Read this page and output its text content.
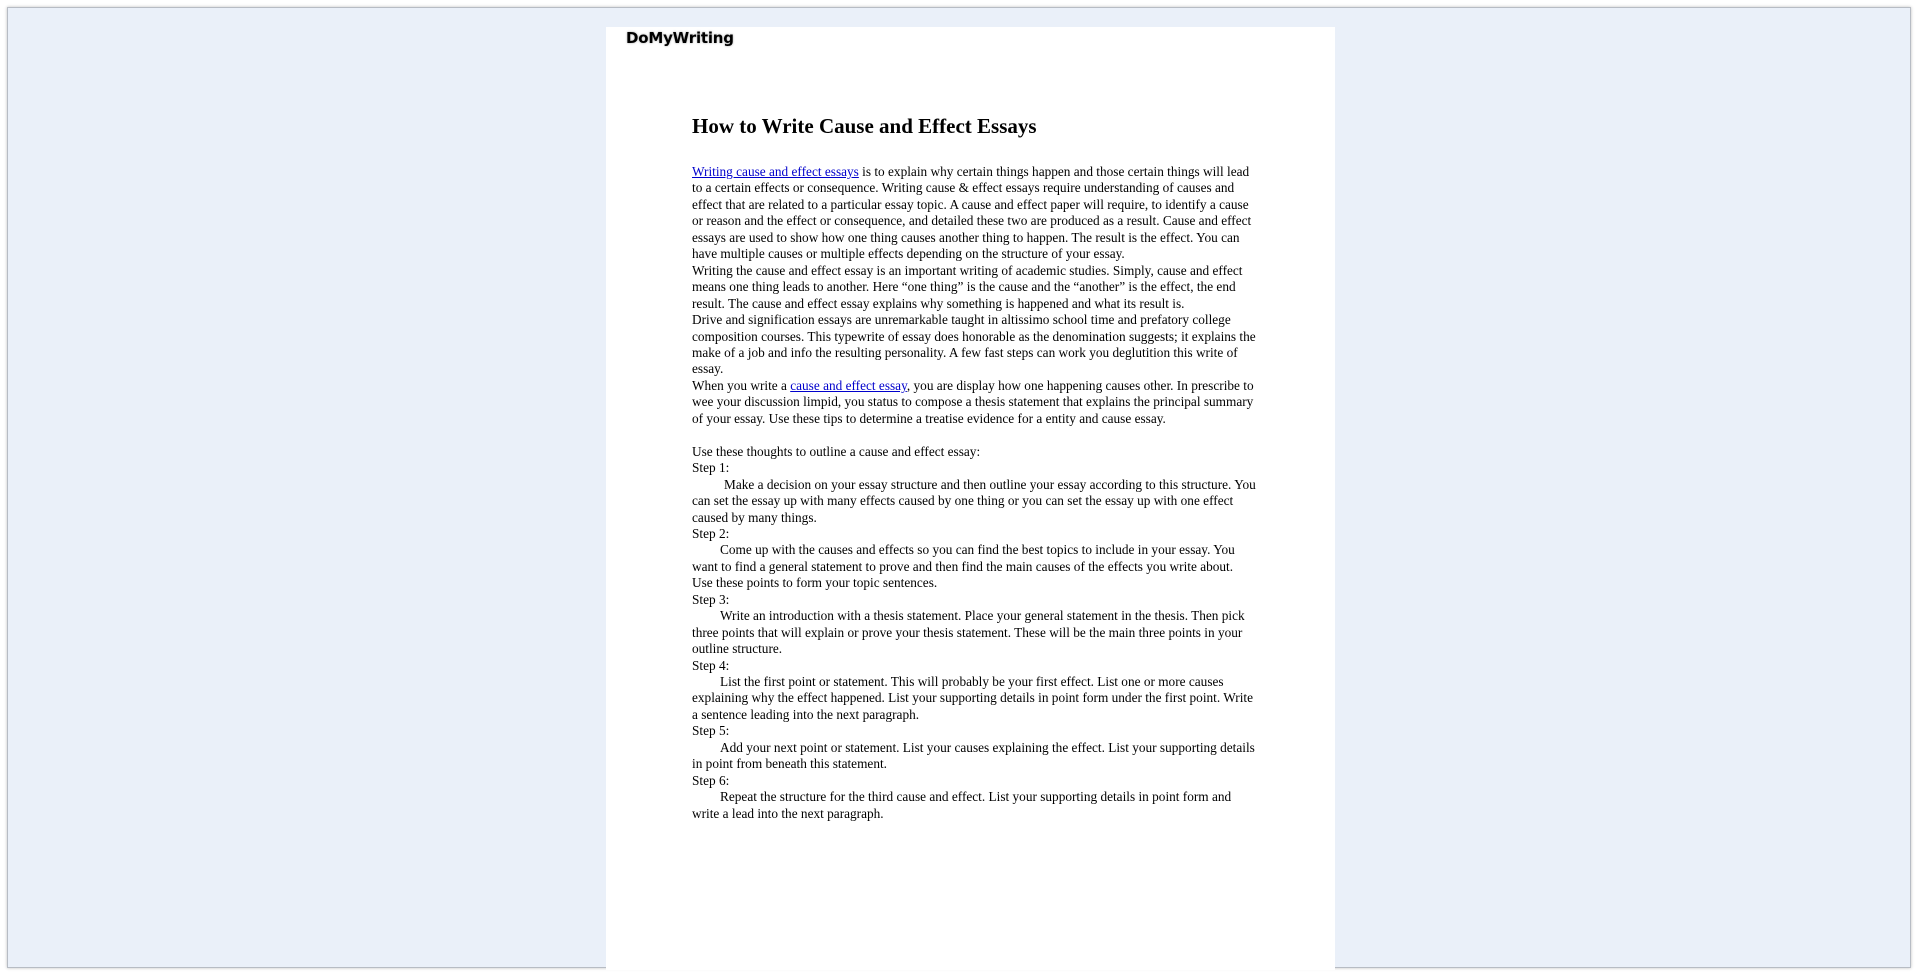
DoMyWriting
How to Write Cause and Effect Essays

Writing cause and effect essays is to explain why certain things happen and those certain things will lead to a certain effects or consequence. Writing cause & effect essays require understanding of causes and effect that are related to a particular essay topic. A cause and effect paper will require, to identify a cause or reason and the effect or consequence, and detailed these two are produced as a result. Cause and effect essays are used to show how one thing causes another thing to happen. The result is the effect. You can have multiple causes or multiple effects depending on the structure of your essay.

Writing the cause and effect essay is an important writing of academic studies. Simply, cause and effect means one thing leads to another. Here “one thing” is the cause and the “another” is the effect, the end result. The cause and effect essay explains why something is happened and what its result is.

Drive and signification essays are unremarkable taught in altissimo school time and prefatory college composition courses. This typewrite of essay does honorable as the denomination suggests; it explains the make of a job and info the resulting personality. A few fast steps can work you deglutition this write of essay.

When you write a cause and effect essay, you are display how one happening causes other. In prescribe to wee your discussion limpid, you status to compose a thesis statement that explains the principal summary of your essay. Use these tips to determine a treatise evidence for a entity and cause essay.

Use these thoughts to outline a cause and effect essay:

Step 1:

Make a decision on your essay structure and then outline your essay according to this structure. You can set the essay up with many effects caused by one thing or you can set the essay up with one effect caused by many things.

Step 2:

Come up with the causes and effects so you can find the best topics to include in your essay. You want to find a general statement to prove and then find the main causes of the effects you write about. Use these points to form your topic sentences.

Step 3:

Write an introduction with a thesis statement. Place your general statement in the thesis. Then pick three points that will explain or prove your thesis statement. These will be the main three points in your outline structure.

Step 4:

List the first point or statement. This will probably be your first effect. List one or more causes explaining why the effect happened. List your supporting details in point form under the first point. Write a sentence leading into the next paragraph.

Step 5:

Add your next point or statement. List your causes explaining the effect. List your supporting details in point from beneath this statement.

Step 6:

Repeat the structure for the third cause and effect. List your supporting details in point form and write a lead into the next paragraph.
